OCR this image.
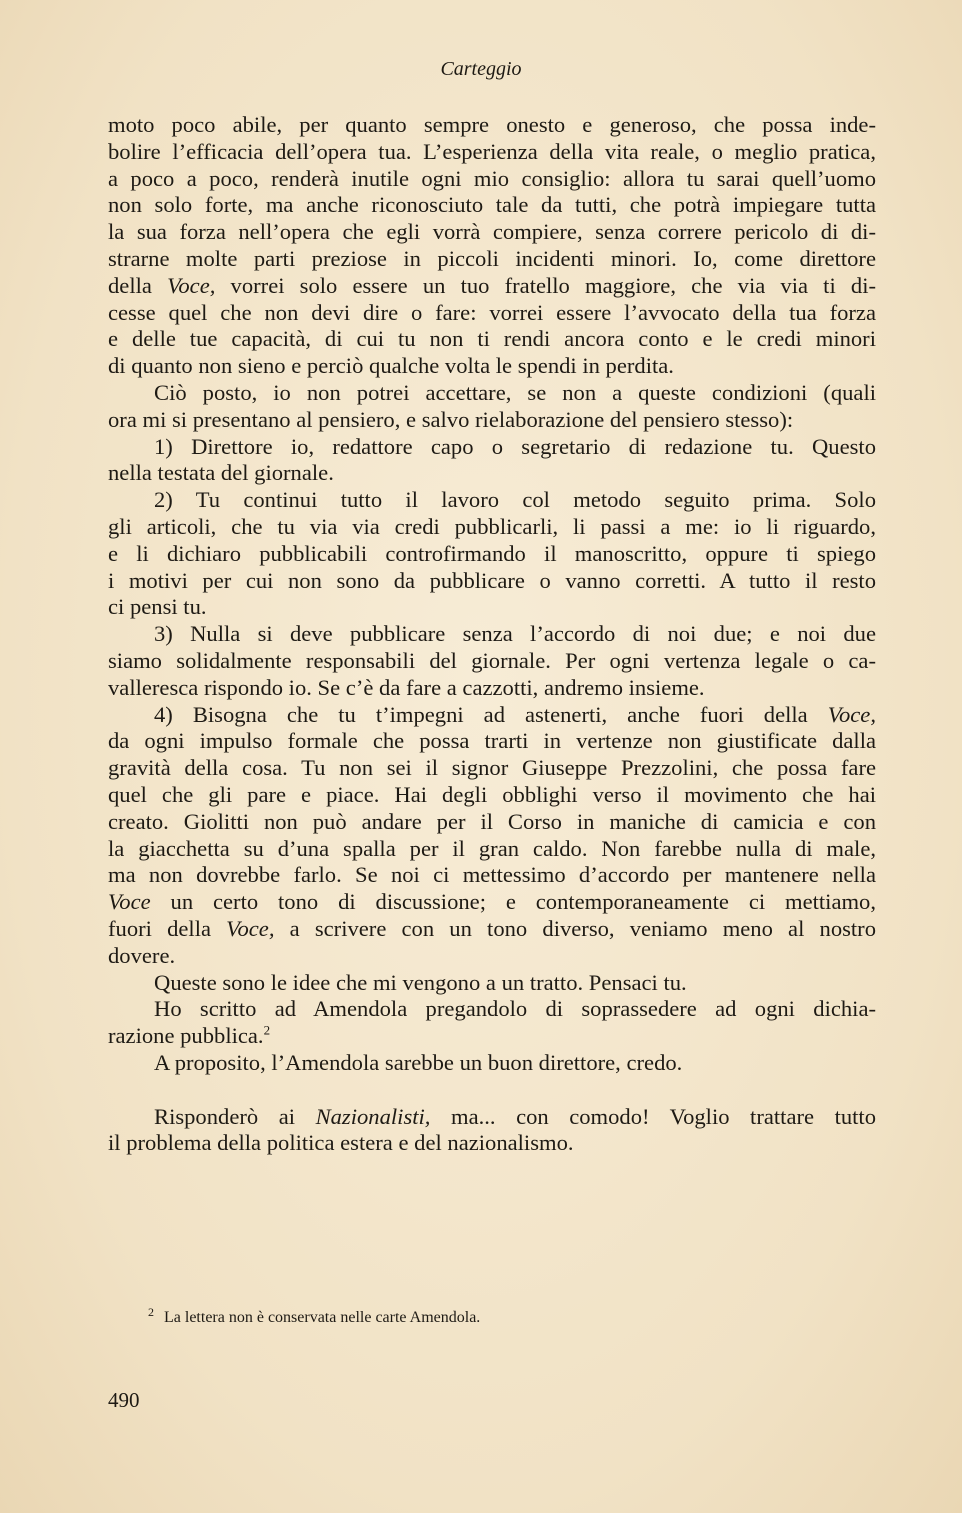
Carteggio
moto poco abile, per quanto sempre onesto e generoso, che possa inde-
bolire l’efficacia dell’opera tua. L’esperienza della vita reale, o meglio pratica,
a poco a poco, renderà inutile ogni mio consiglio: allora tu sarai quell’uomo
non solo forte, ma anche riconosciuto tale da tutti, che potrà impiegare tutta
la sua forza nell’opera che egli vorrà compiere, senza correre pericolo di di-
strarne molte parti preziose in piccoli incidenti minori. Io, come direttore
della Voce, vorrei solo essere un tuo fratello maggiore, che via via ti di-
cesse quel che non devi dire o fare: vorrei essere l’avvocato della tua forza
e delle tue capacità, di cui tu non ti rendi ancora conto e le credi minori
di quanto non sieno e perciò qualche volta le spendi in perdita.
Ciò posto, io non potrei accettare, se non a queste condizioni (quali
ora mi si presentano al pensiero, e salvo rielaborazione del pensiero stesso):
1) Direttore io, redattore capo o segretario di redazione tu. Questo
nella testata del giornale.
2) Tu continui tutto il lavoro col metodo seguito prima. Solo
gli articoli, che tu via via credi pubblicarli, li passi a me: io li riguardo,
e li dichiaro pubblicabili controfirmando il manoscritto, oppure ti spiego
i motivi per cui non sono da pubblicare o vanno corretti. A tutto il resto
ci pensi tu.
3) Nulla si deve pubblicare senza l’accordo di noi due; e noi due
siamo solidalmente responsabili del giornale. Per ogni vertenza legale o ca-
valleresca rispondo io. Se c’è da fare a cazzotti, andremo insieme.
4) Bisogna che tu t’impegni ad astenerti, anche fuori della Voce,
da ogni impulso formale che possa trarti in vertenze non giustificate dalla
gravità della cosa. Tu non sei il signor Giuseppe Prezzolini, che possa fare
quel che gli pare e piace. Hai degli obblighi verso il movimento che hai
creato. Giolitti non può andare per il Corso in maniche di camicia e con
la giacchetta su d’una spalla per il gran caldo. Non farebbe nulla di male,
ma non dovrebbe farlo. Se noi ci mettessimo d’accordo per mantenere nella
Voce un certo tono di discussione; e contemporaneamente ci mettiamo,
fuori della Voce, a scrivere con un tono diverso, veniamo meno al nostro
dovere.
Queste sono le idee che mi vengono a un tratto. Pensaci tu.
Ho scritto ad Amendola pregandolo di soprassedere ad ogni dichia-
razione pubblica.$^2$
A proposito, l’Amendola sarebbe un buon direttore, credo.
Risponderò ai Nazionalisti, ma... con comodo! Voglio trattare tutto
il problema della politica estera e del nazionalismo.
$^2$ La lettera non è conservata nelle carte Amendola.
490
